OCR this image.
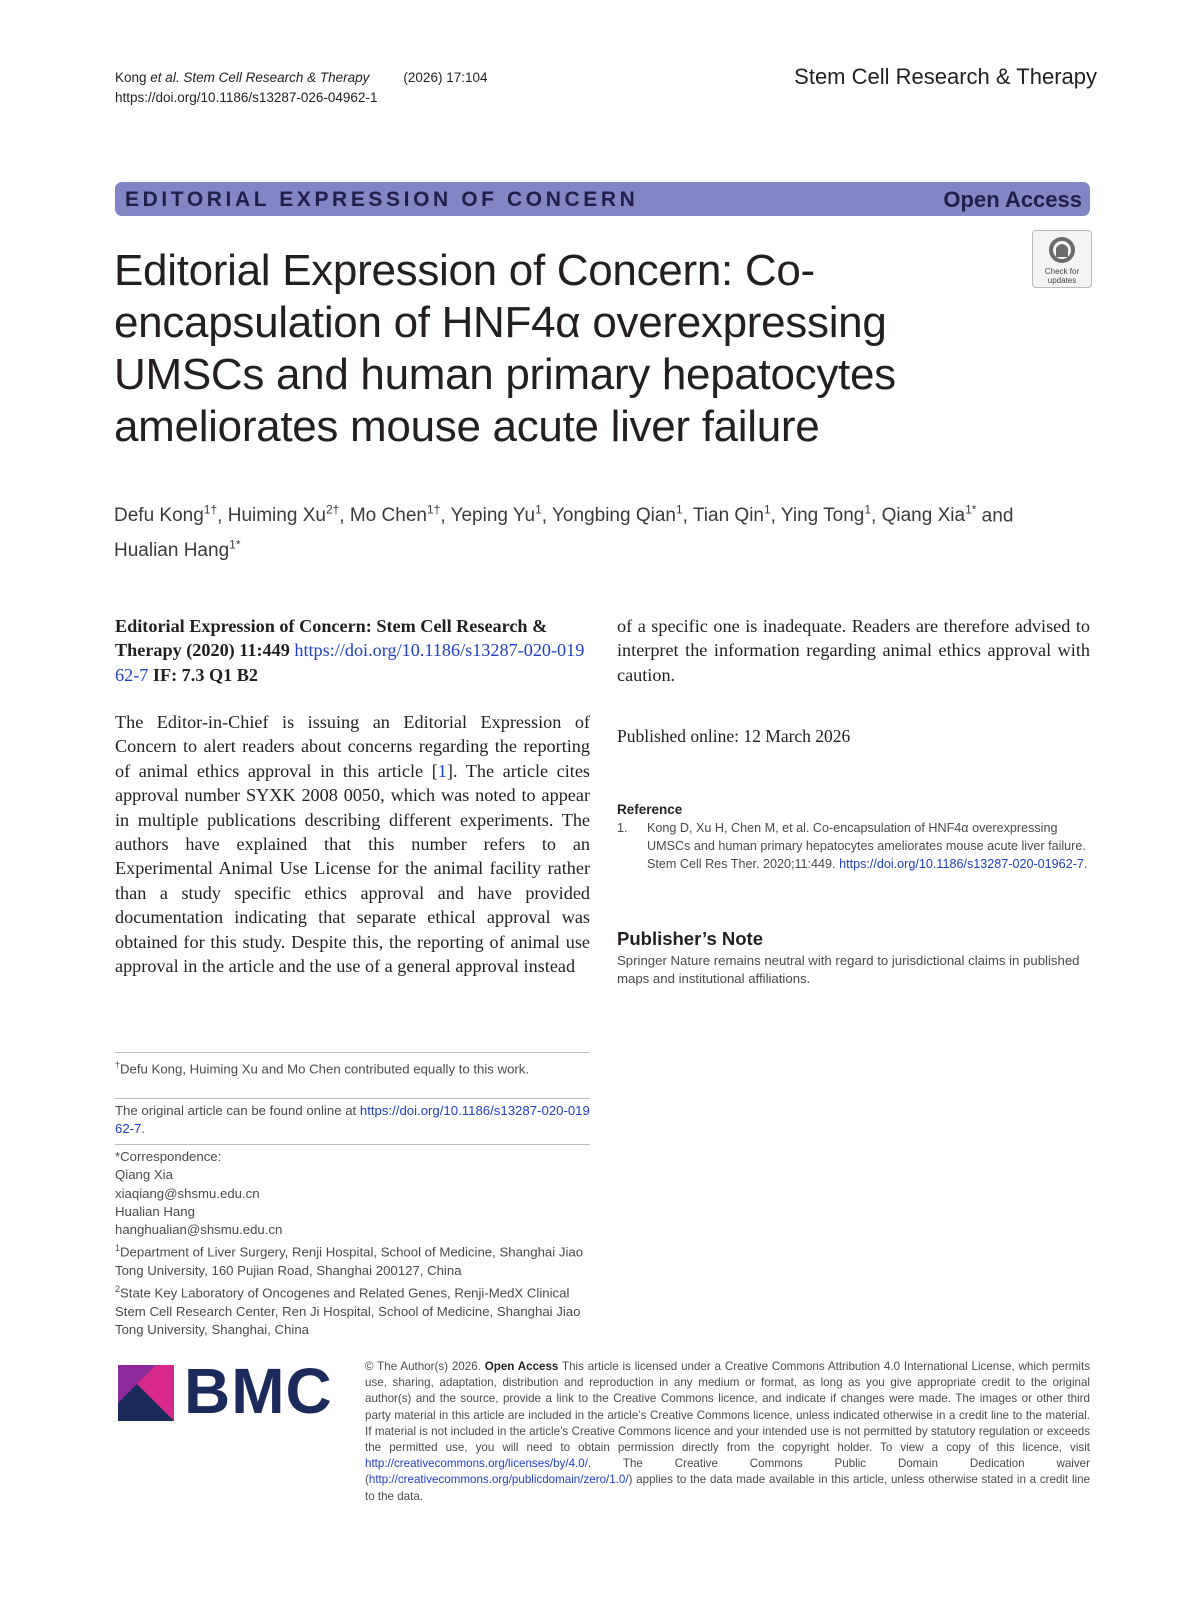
Kong et al. Stem Cell Research & Therapy	(2026) 17:104
https://doi.org/10.1186/s13287-026-04962-1
Stem Cell Research & Therapy
EDITORIAL EXPRESSION OF CONCERN	Open Access
Check for
updates
Editorial Expression of Concern: Co-encapsulation of HNF4α overexpressing UMSCs and human primary hepatocytes ameliorates mouse acute liver failure
Defu Kong$^{1\dagger}$, Huiming $Xu^{2\dagger}$, Mo Chen$^{1\dagger}$, Yeping Yu$^1$, Yongbing Qian$^1$, Tian Qin$^1$, Ying Tong$^1$, Qiang Xia$^{1*}$ and
Hualian Hang$^{1*}$
Editorial Expression of Concern: Stem Cell Research & Therapy (2020) 11:449 https://doi.org/10.1186/s13287-020-01962-7 IF: 7.3 Q1 B2
The Editor-in-Chief is issuing an Editorial Expression of Concern to alert readers about concerns regarding the reporting of animal ethics approval in this article [1]. The article cites approval number SYXK 2008 0050, which was noted to appear in multiple publications describing different experiments. The authors have explained that this number refers to an Experimental Animal Use License for the animal facility rather than a study specific ethics approval and have provided documentation indicating that separate ethical approval was obtained for this study. Despite this, the reporting of animal use approval in the article and the use of a general approval instead
of a specific one is inadequate. Readers are therefore advised to interpret the information regarding animal ethics approval with caution.
Published online: 12 March 2026
Reference
1. Kong D, Xu H, Chen M, et al. Co-encapsulation of HNF4α overexpressing UMSCs and human primary hepatocytes ameliorates mouse acute liver failure. Stem Cell Res Ther. 2020;11:449. https://doi.org/10.1186/s13287-020-01962-7.
Publisher’s Note
Springer Nature remains neutral with regard to jurisdictional claims in published maps and institutional affiliations.
†Defu Kong, Huiming Xu and Mo Chen contributed equally to this work.
The original article can be found online at https://doi.org/10.1186/s13287-020-01962-7.
*Correspondence:
Qiang Xia
xiaqiang@shsmu.edu.cn
Hualian Hang
hanghualian@shsmu.edu.cn
$^1$Department of Liver Surgery, Renji Hospital, School of Medicine, Shanghai Jiao Tong University, 160 Pujian Road, Shanghai 200127, China
$^2$State Key Laboratory of Oncogenes and Related Genes, Renji-MedX Clinical Stem Cell Research Center, Ren Ji Hospital, School of Medicine, Shanghai Jiao Tong University, Shanghai, China
BMC	© The Author(s) 2026. Open Access This article is licensed under a Creative Commons Attribution 4.0 International License, which permits use, sharing, adaptation, distribution and reproduction in any medium or format, as long as you give appropriate credit to the original author(s) and the source, provide a link to the Creative Commons licence, and indicate if changes were made. The images or other third party material in this article are included in the article’s Creative Commons licence, unless indicated otherwise in a credit line to the material. If material is not included in the article’s Creative Commons licence and your intended use is not permitted by statutory regulation or exceeds the permitted use, you will need to obtain permission directly from the copyright holder. To view a copy of this licence, visit http://creativecommons.org/licenses/by/4.0/. The Creative Commons Public Domain Dedication waiver (http://creativecommons.org/publicdomain/zero/1.0/) applies to the data made available in this article, unless otherwise stated in a credit line to the data.
